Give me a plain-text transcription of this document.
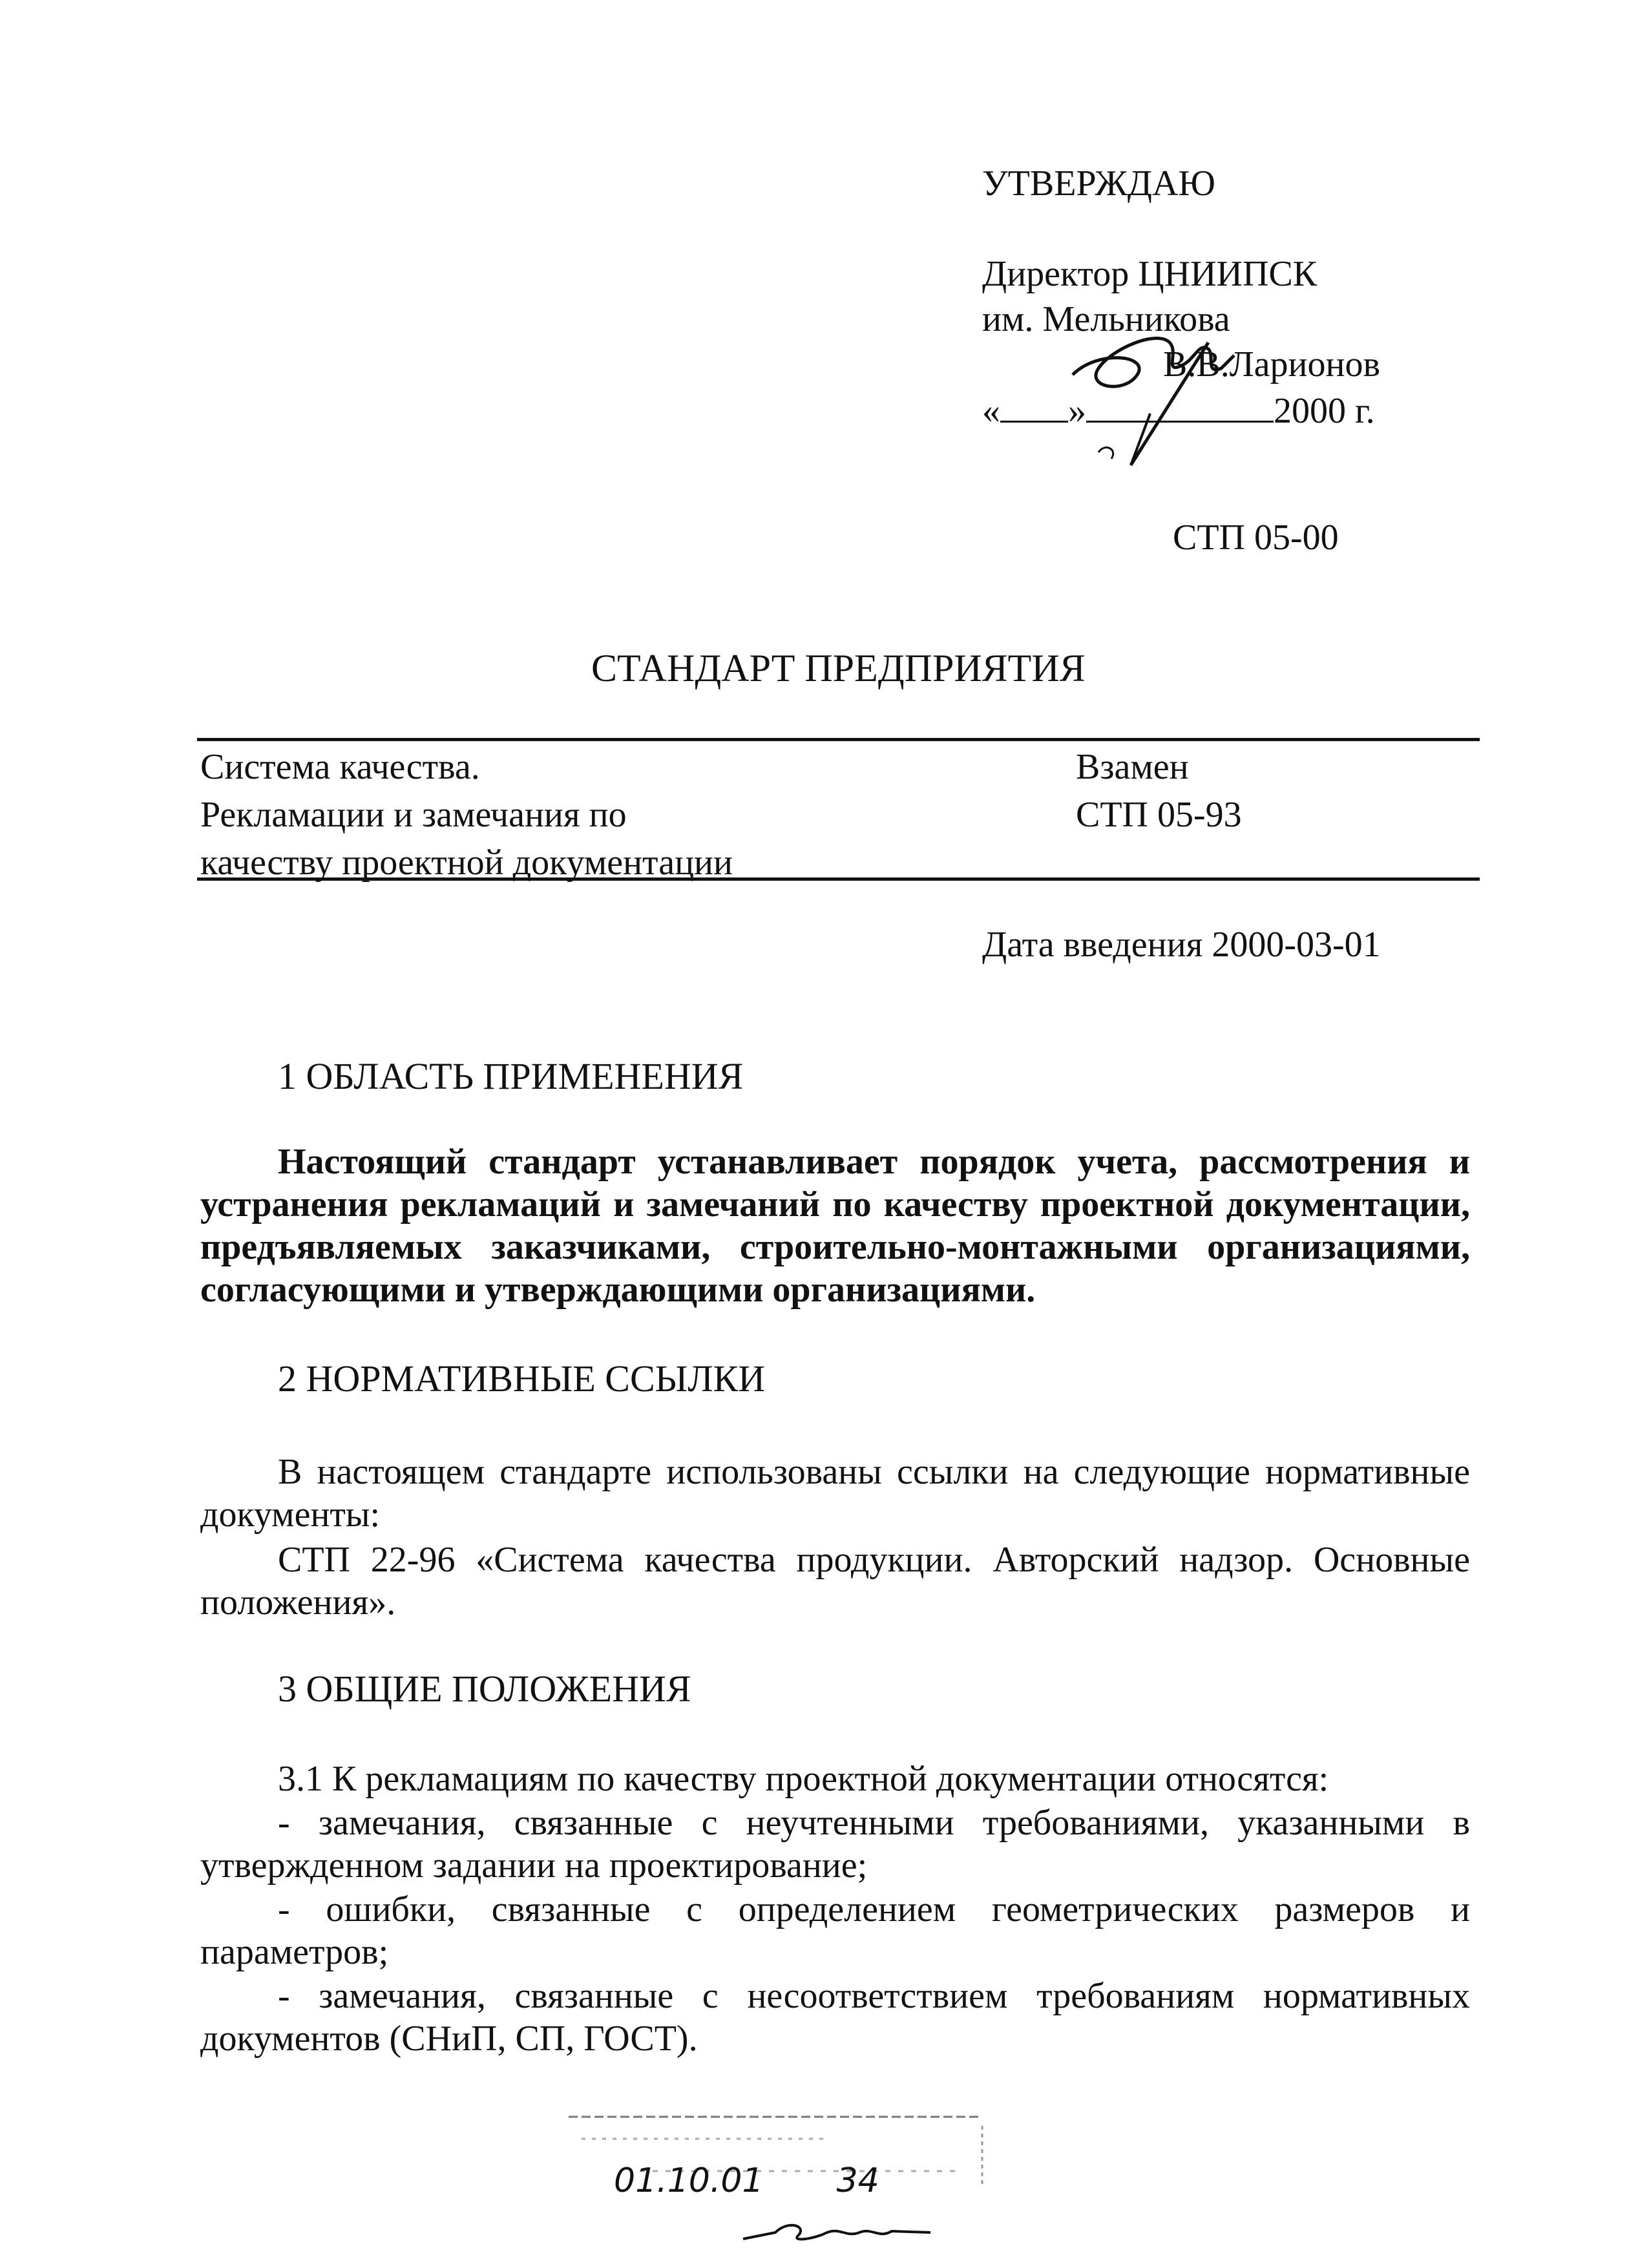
УТВЕРЖДАЮ
Директор ЦНИИПСК
им. Мельникова
В.В.Ларионов
« »	2000 г.
СТП 05-00
СТАНДАРТ ПРЕДПРИЯТИЯ
Система качества.
Рекламации и замечания по
качеству проектной документации
Взамен
СТП 05-93
Дата введения 2000-03-01
1 ОБЛАСТЬ ПРИМЕНЕНИЯ

Настоящий стандарт устанавливает порядок учета, рассмотрения и устранения рекламаций и замечаний по качеству проектной документации, предъявляемых заказчиками, строительно-монтажными организациями, согласующими и утверждающими организациями.

2 НОРМАТИВНЫЕ ССЫЛКИ

В настоящем стандарте использованы ссылки на следующие нормативные документы:

СТП 22-96 «Система качества продукции. Авторский надзор. Основные положения».

3 ОБЩИЕ ПОЛОЖЕНИЯ

3.1 К рекламациям по качеству проектной документации относятся:

- замечания, связанные с неучтенными требованиями, указанными в утвержденном задании на проектирование;

- ошибки, связанные с определением геометрических размеров и параметров;

- замечания, связанные с несоответствием требованиям нормативных документов (СНиП, СП, ГОСТ).

01.10.01 34
